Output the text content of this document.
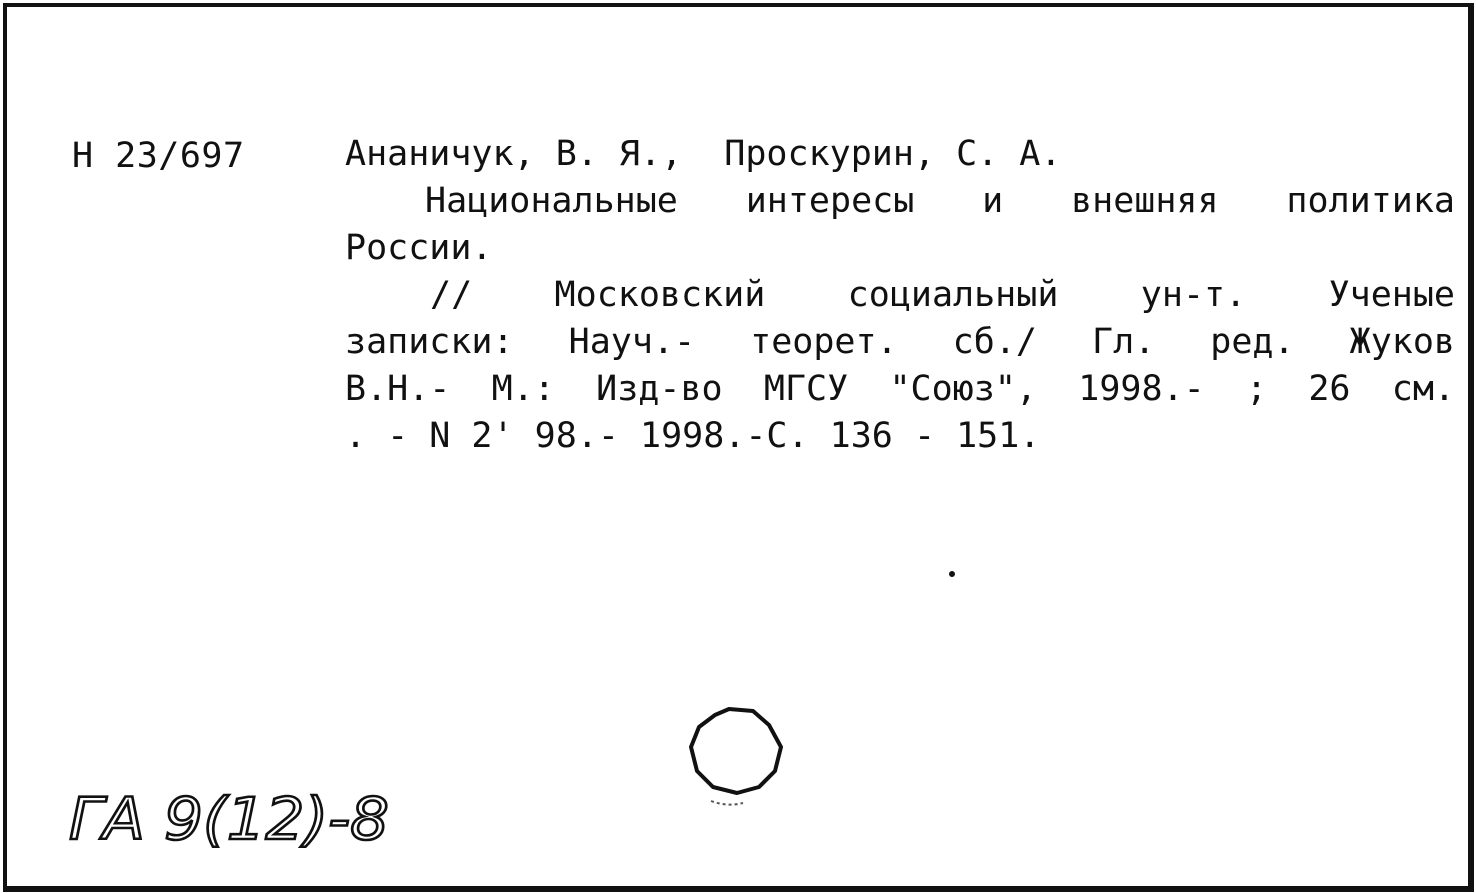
Н 23/697	Ананичук, В. Я.,  Проскурин, С. А.
Национальные интересы и внешняя политика
России.
// Московский социальный ун-т. Ученые
записки: Науч.- теорет. сб./ Гл. ред. Жуков
В.Н.- М.: Изд-во МГСУ "Союз", 1998.- ; 26 см.
. - N 2' 98.- 1998.-С. 136 - 151.
ГА 9(12)-8
